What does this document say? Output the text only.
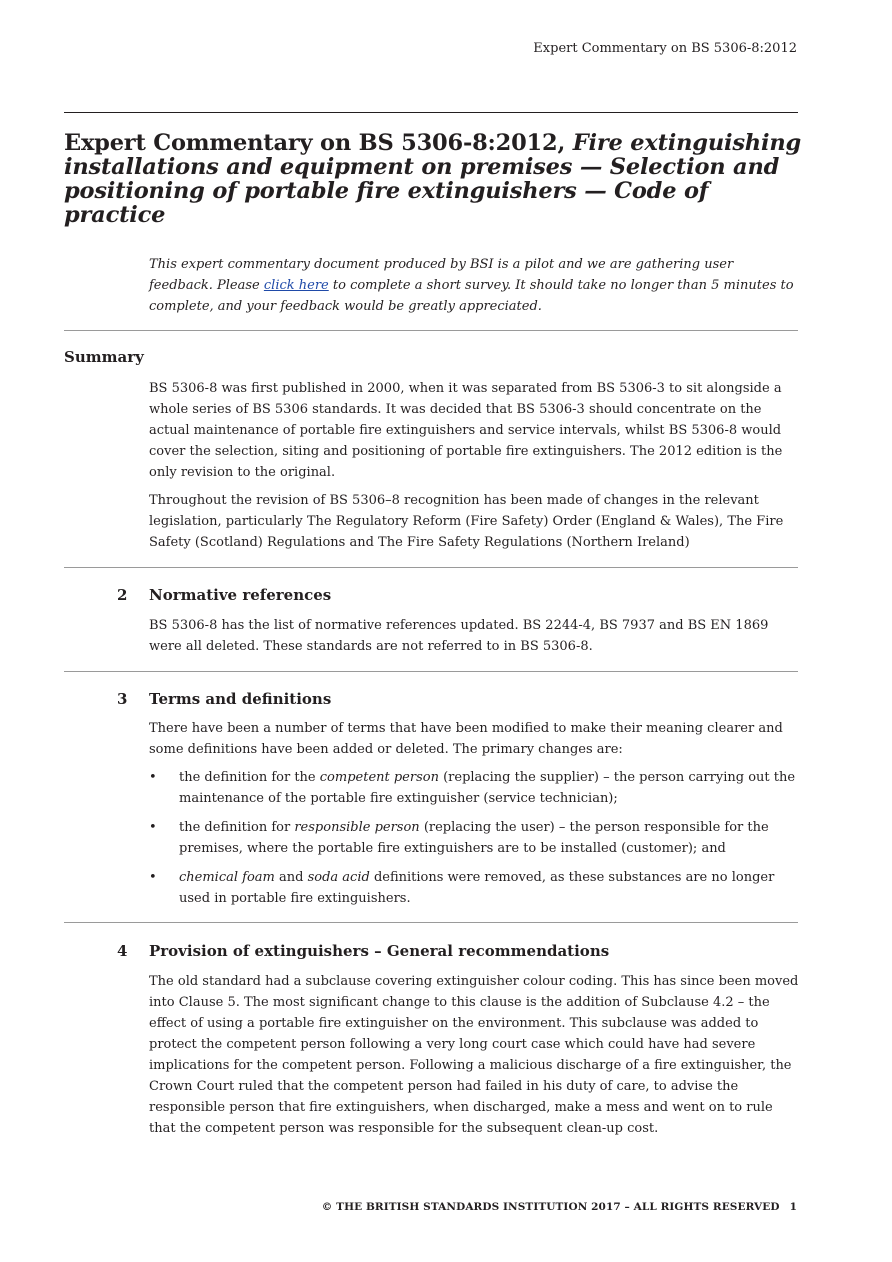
Expert Commentary on BS 5306-8:2012
Expert Commentary on BS 5306-8:2012, Fire extinguishing installations and equipment on premises — Selection and positioning of portable fire extinguishers — Code of practice
This expert commentary document produced by BSI is a pilot and we are gathering user feedback. Please click here to complete a short survey. It should take no longer than 5 minutes to complete, and your feedback would be greatly appreciated.
Summary

BS 5306-8 was first published in 2000, when it was separated from BS 5306-3 to sit alongside a whole series of BS 5306 standards. It was decided that BS 5306-3 should concentrate on the actual maintenance of portable fire extinguishers and service intervals, whilst BS 5306-8 would cover the selection, siting and positioning of portable fire extinguishers. The 2012 edition is the only revision to the original.

Throughout the revision of BS 5306–8 recognition has been made of changes in the relevant legislation, particularly The Regulatory Reform (Fire Safety) Order (England & Wales), The Fire Safety (Scotland) Regulations and The Fire Safety Regulations (Northern Ireland)

2 Normative references

BS 5306-8 has the list of normative references updated. BS 2244-4, BS 7937 and BS EN 1869 were all deleted. These standards are not referred to in BS 5306-8.

3 Terms and definitions

There have been a number of terms that have been modified to make their meaning clearer and some definitions have been added or deleted. The primary changes are:

• the definition for the competent person (replacing the supplier) – the person carrying out the maintenance of the portable fire extinguisher (service technician);
• the definition for responsible person (replacing the user) – the person responsible for the premises, where the portable fire extinguishers are to be installed (customer); and
• chemical foam and soda acid definitions were removed, as these substances are no longer used in portable fire extinguishers.
4 Provision of extinguishers – General recommendations

The old standard had a subclause covering extinguisher colour coding. This has since been moved into Clause 5. The most significant change to this clause is the addition of Subclause 4.2 – the effect of using a portable fire extinguisher on the environment. This subclause was added to protect the competent person following a very long court case which could have had severe implications for the competent person. Following a malicious discharge of a fire extinguisher, the Crown Court ruled that the competent person had failed in his duty of care, to advise the responsible person that fire extinguishers, when discharged, make a mess and went on to rule that the competent person was responsible for the subsequent clean-up cost.

© THE BRITISH STANDARDS INSTITUTION 2017 – ALL RIGHTS RESERVED 1
